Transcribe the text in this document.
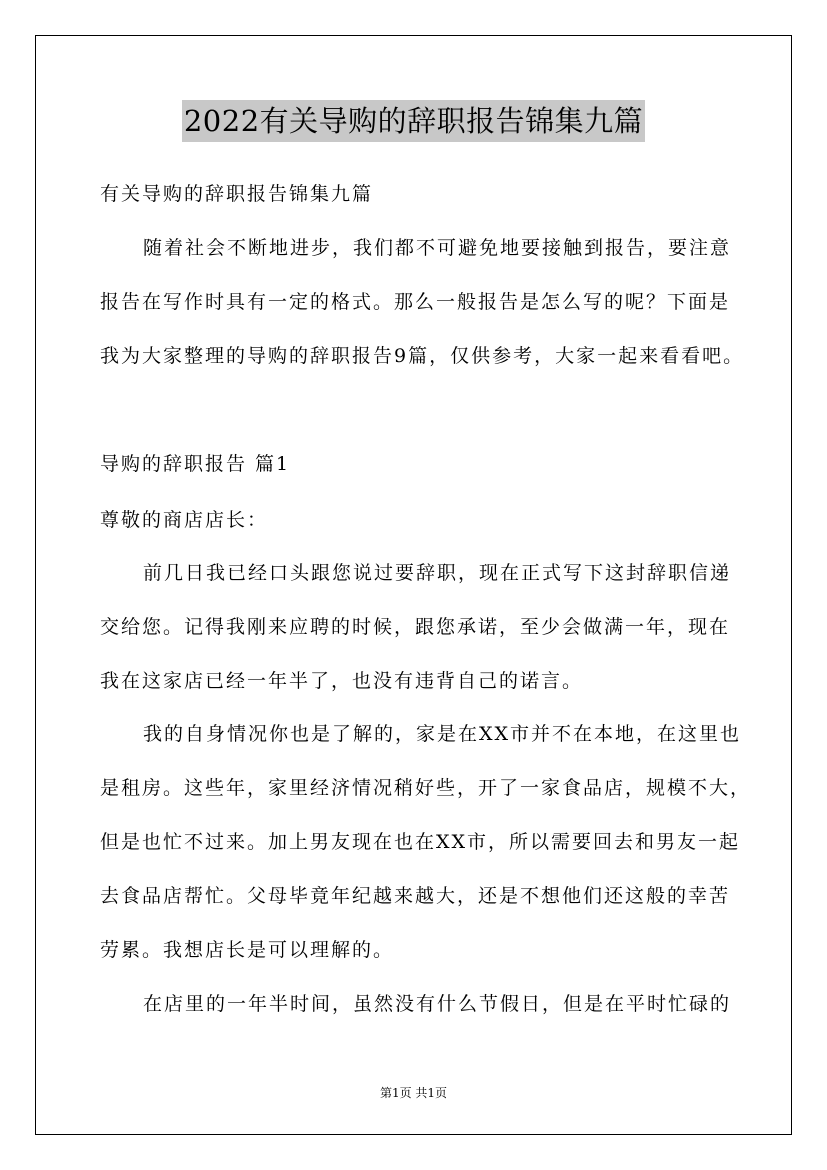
2022有关导购的辞职报告锦集九篇
有关导购的辞职报告锦集九篇
随着社会不断地进步，我们都不可避免地要接触到报告，要注意
报告在写作时具有一定的格式。那么一般报告是怎么写的呢？下面是
我为大家整理的导购的辞职报告9篇，仅供参考，大家一起来看看吧。
导购的辞职报告 篇1
尊敬的商店店长：
前几日我已经口头跟您说过要辞职，现在正式写下这封辞职信递
交给您。记得我刚来应聘的时候，跟您承诺，至少会做满一年，现在
我在这家店已经一年半了，也没有违背自己的诺言。
我的自身情况你也是了解的，家是在XX市并不在本地，在这里也
是租房。这些年，家里经济情况稍好些，开了一家食品店，规模不大，
但是也忙不过来。加上男友现在也在XX市，所以需要回去和男友一起
去食品店帮忙。父母毕竟年纪越来越大，还是不想他们还这般的幸苦
劳累。我想店长是可以理解的。
在店里的一年半时间，虽然没有什么节假日，但是在平时忙碌的
第1页 共1页
